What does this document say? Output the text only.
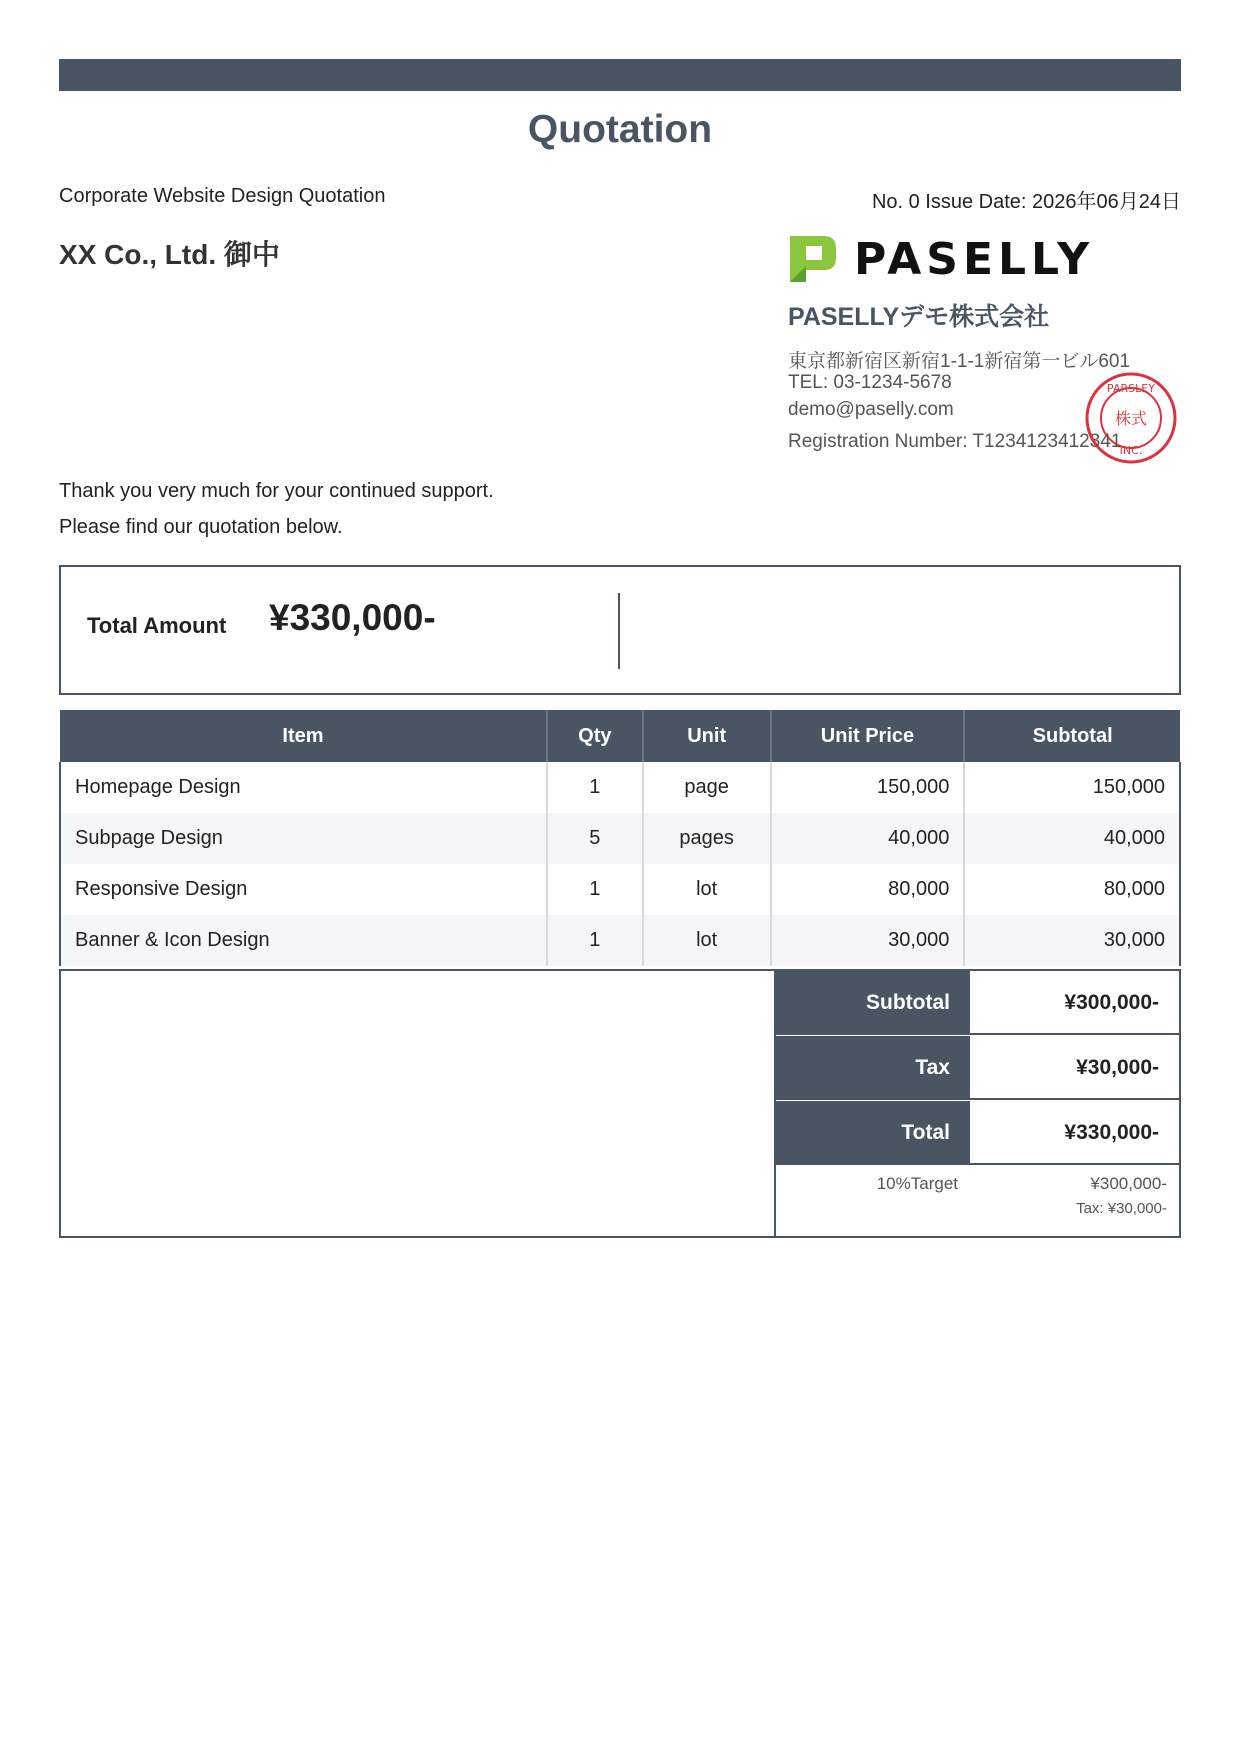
Quotation
Corporate Website Design Quotation	No. 0 Issue Date: 2026年06月24日
XX Co., Ltd. 御中	PASELLY
PASELLYデモ株式会社
東京都新宿区新宿1-1-1新宿第一ビル601
TEL: 03-1234-5678
demo@paselly.com
Registration Number: T1234123412341
PARSLEY
株式
INC.
Thank you very much for your continued support.
Please find our quotation below.
Total Amount ¥330,000-
Item	Qty	Unit	Unit Price	Subtotal
Homepage Design	1	page	150,000	150,000
Subpage Design	5	pages	40,000	40,000
Responsive Design	1	lot	80,000	80,000
Banner & Icon Design	1	lot	30,000	30,000
Subtotal	¥300,000-
Tax	¥30,000-
Total	¥330,000-
10%Target	¥300,000-
Tax: ¥30,000-
